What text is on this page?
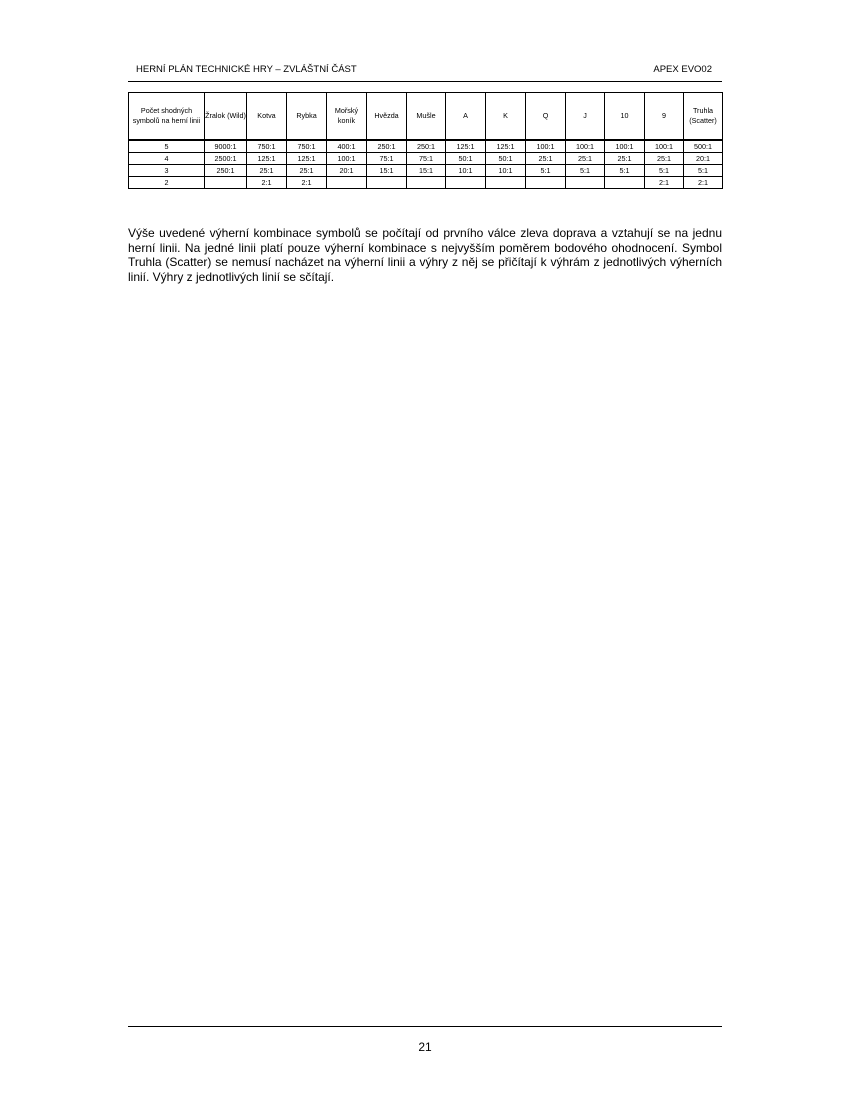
HERNÍ PLÁN TECHNICKÉ HRY – ZVLÁŠTNÍ ČÁST	APEX EVO02
Počet shodných symbolů na herní linii	Žralok (Wild)	Kotva	Rybka	Mořský koník	Hvězda	Mušle	A	K	Q	J	10	9	Truhla (Scatter)
5	9000:1	750:1	750:1	400:1	250:1	250:1	125:1	125:1	100:1	100:1	100:1	100:1	500:1
4	2500:1	125:1	125:1	100:1	75:1	75:1	50:1	50:1	25:1	25:1	25:1	25:1	20:1
3	250:1	25:1	25:1	20:1	15:1	15:1	10:1	10:1	5:1	5:1	5:1	5:1	5:1
2		2:1	2:1									2:1	2:1
Výše uvedené výherní kombinace symbolů se počítají od prvního válce zleva doprava a vztahují se na jednu herní linii. Na jedné linii platí pouze výherní kombinace s nejvyšším poměrem bodového ohodnocení. Symbol Truhla (Scatter) se nemusí nacházet na výherní linii a výhry z něj se přičítají k výhrám z jednotlivých výherních linií. Výhry z jednotlivých linií se sčítají.
21
